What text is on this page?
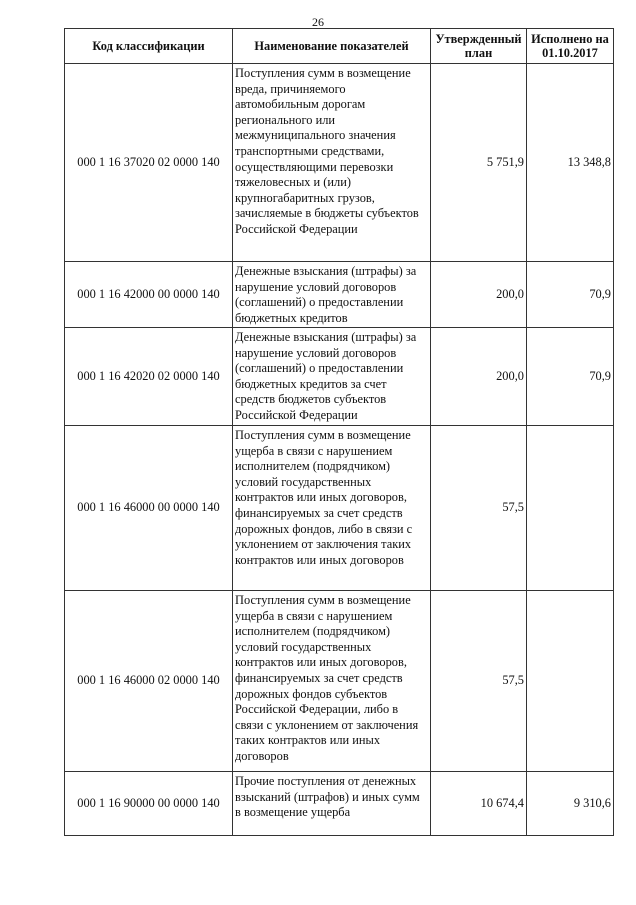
26
Код классификации	Наименование показателей	Утвержденный план	Исполнено на 01.10.2017
000 1 16 37020 02 0000 140	Поступления сумм в возмещение вреда, причиняемого автомобильным дорогам регионального или межмуниципального значения транспортными средствами, осуществляющими перевозки тяжеловесных и (или) крупногабаритных грузов, зачисляемые в бюджеты субъектов Российской Федерации	5 751,9	13 348,8
000 1 16 42000 00 0000 140	Денежные взыскания (штрафы) за нарушение условий договоров (соглашений) о предоставлении бюджетных кредитов	200,0	70,9
000 1 16 42020 02 0000 140	Денежные взыскания (штрафы) за нарушение условий договоров (соглашений) о предоставлении бюджетных кредитов за счет средств бюджетов субъектов Российской Федерации	200,0	70,9
000 1 16 46000 00 0000 140	Поступления сумм в возмещение ущерба в связи с нарушением исполнителем (подрядчиком) условий государственных контрактов или иных договоров, финансируемых за счет средств дорожных фондов, либо в связи с уклонением от заключения таких контрактов или иных договоров	57,5	
000 1 16 46000 02 0000 140	Поступления сумм в возмещение ущерба в связи с нарушением исполнителем (подрядчиком) условий государственных контрактов или иных договоров, финансируемых за счет средств дорожных фондов субъектов Российской Федерации, либо в связи с уклонением от заключения таких контрактов или иных договоров	57,5	
000 1 16 90000 00 0000 140	Прочие поступления от денежных взысканий (штрафов) и иных сумм в возмещение ущерба	10 674,4	9 310,6
